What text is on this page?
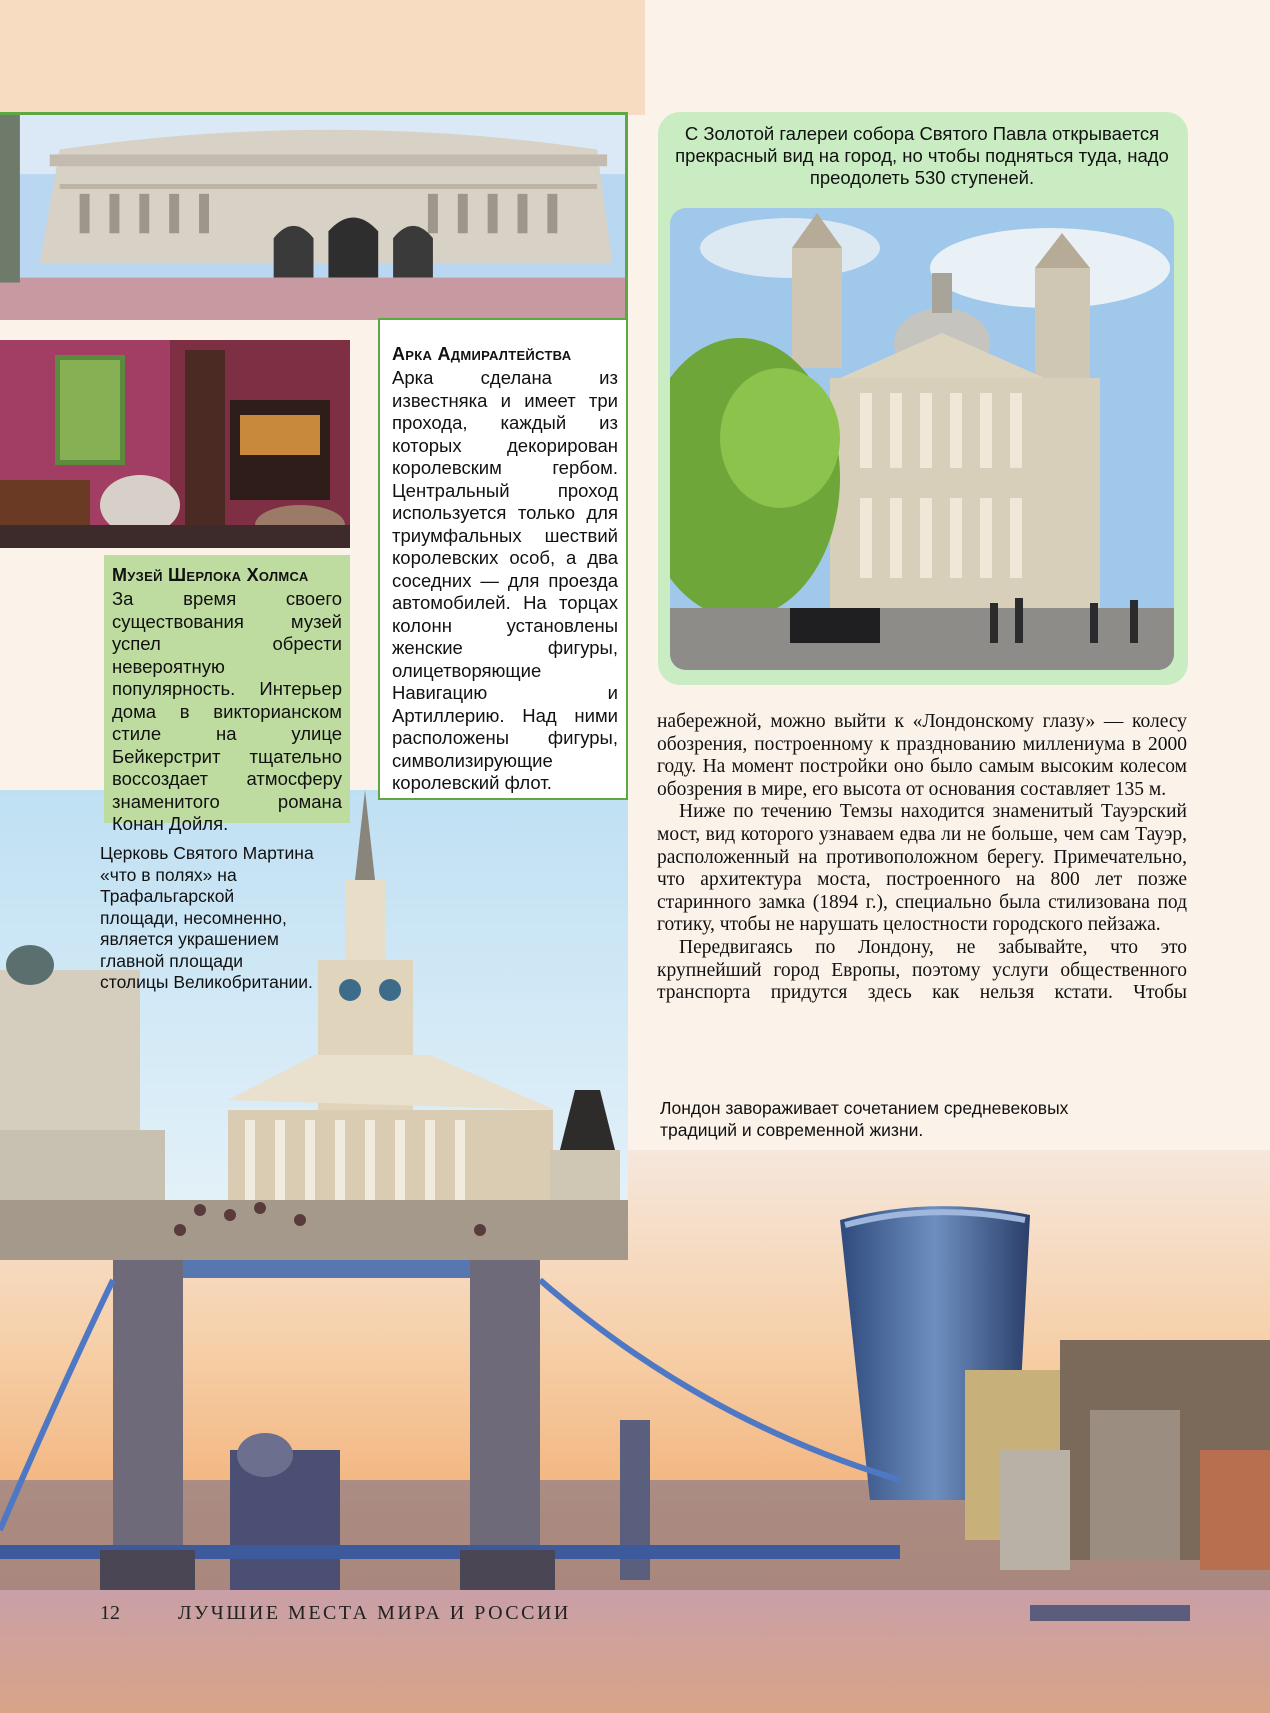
Арка Адмиралтейства
Арка сделана из известняка и имеет три прохода, каждый из которых декорирован королевским гербом. Центральный проход используется только для триумфальных шествий королевских особ, а два соседних — для проезда автомобилей. На торцах колонн установлены женские фигуры, олицетворяющие Навигацию и Артиллерию. Над ними расположены фигуры, символизирующие королевский флот.
Музей Шерлока Холмса
За время своего существования музей успел обрести невероятную популярность. Интерьер дома в викторианском стиле на улице Бейкерстрит тщательно воссоздает атмосферу знаменитого романа Конан Дойля.
Церковь Святого Мартина «что в полях» на Трафальгарской площади, несомненно, является украшением главной площади столицы Великобритании.
С Золотой галереи собора Святого Павла открывается прекрасный вид на город, но чтобы подняться туда, надо преодолеть 530 ступеней.

набережной, можно выйти к «Лондонскому глазу» — колесу обозрения, построенному к празднованию миллениума в 2000 году. На момент постройки оно было самым высоким колесом обозрения в мире, его высота от основания составляет 135 м.

Ниже по течению Темзы находится знаменитый Тауэрский мост, вид которого узнаваем едва ли не больше, чем сам Тауэр, расположенный на противоположном берегу. Примечательно, что архитектура моста, построенного на 800 лет позже старинного замка (1894 г.), специально была стилизована под готику, чтобы не нарушать целостности городского пейзажа.

Передвигаясь по Лондону, не забывайте, что это крупнейший город Европы, поэтому услуги общественного транспорта придутся здесь как нельзя кстати. Чтобы

Лондон завораживает сочетанием средневековых традиций и современной жизни.
12	ЛУЧШИЕ МЕСТА МИРА И РОССИИ
